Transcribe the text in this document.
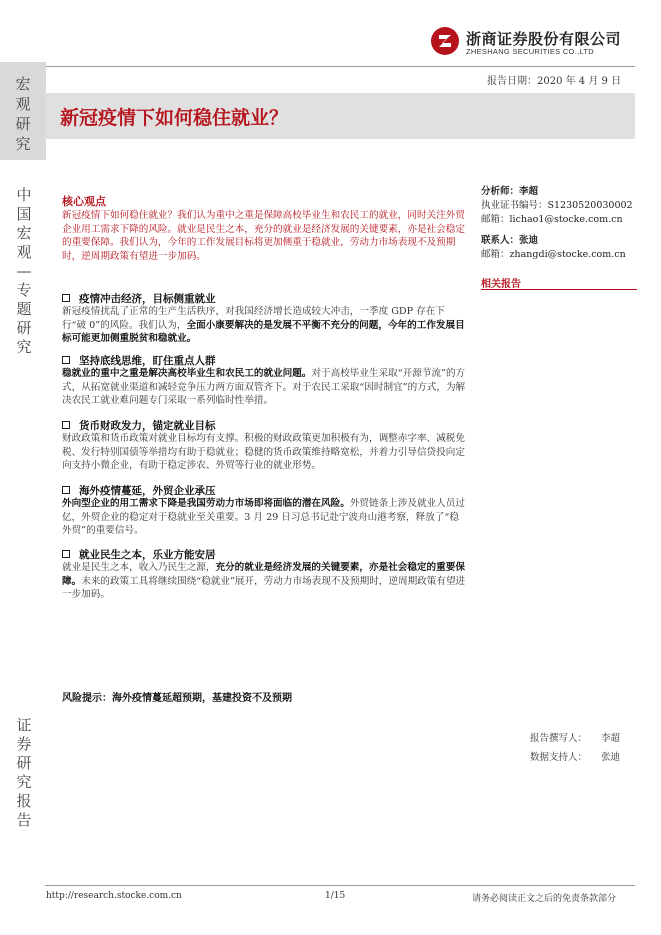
浙商证券股份有限公司
ZHESHANG SECURITIES CO.,LTD
报告日期：2020 年 4 月 9 日
宏观研究
中国宏观—专题研究
证券研究报告
新冠疫情下如何稳住就业？
核心观点
新冠疫情下如何稳住就业？我们认为重中之重是保障高校毕业生和农民工的就业，同时关注外贸企业用工需求下降的风险。就业是民生之本，充分的就业是经济发展的关键要素，亦是社会稳定的重要保障。我们认为，今年的工作发展目标将更加侧重于稳就业，劳动力市场表现不及预期时，逆周期政策有望进一步加码。
疫情冲击经济，目标侧重就业
新冠疫情扰乱了正常的生产生活秩序，对我国经济增长造成较大冲击，一季度 GDP 存在下行“破 0”的风险。我们认为，全面小康要解决的是发展不平衡不充分的问题，今年的工作发展目标可能更加侧重脱贫和稳就业。
坚持底线思维，盯住重点人群
稳就业的重中之重是解决高校毕业生和农民工的就业问题。对于高校毕业生采取“开源节流”的方式，从拓宽就业渠道和减轻竞争压力两方面双管齐下。对于农民工采取“因时制宜”的方式，为解决农民工就业难问题专门采取一系列临时性举措。
货币财政发力，锚定就业目标
财政政策和货币政策对就业目标均有支撑。积极的财政政策更加积极有为，调整赤字率、减税免税、发行特别国债等举措均有助于稳就业；稳健的货币政策维持略宽松，并着力引导信贷投向定向支持小微企业，有助于稳定涉农、外贸等行业的就业形势。
海外疫情蔓延，外贸企业承压
外向型企业的用工需求下降是我国劳动力市场即将面临的潜在风险。外贸链条上涉及就业人员过亿，外贸企业的稳定对于稳就业至关重要。3 月 29 日习总书记赴宁波舟山港考察，释放了“稳外贸”的重要信号。
就业民生之本，乐业方能安居
就业是民生之本，收入乃民生之源，充分的就业是经济发展的关键要素，亦是社会稳定的重要保障。未来的政策工具将继续围绕“稳就业”展开，劳动力市场表现不及预期时，逆周期政策有望进一步加码。
风险提示：海外疫情蔓延超预期，基建投资不及预期
分析师：李超
执业证书编号：S1230520030002
邮箱：lichao1@stocke.com.cn
联系人：张迪
邮箱：zhangdi@stocke.com.cn
相关报告
报告撰写人： 李超
数据支持人： 张迪
http://research.stocke.com.cn	1/15	请务必阅读正文之后的免责条款部分
